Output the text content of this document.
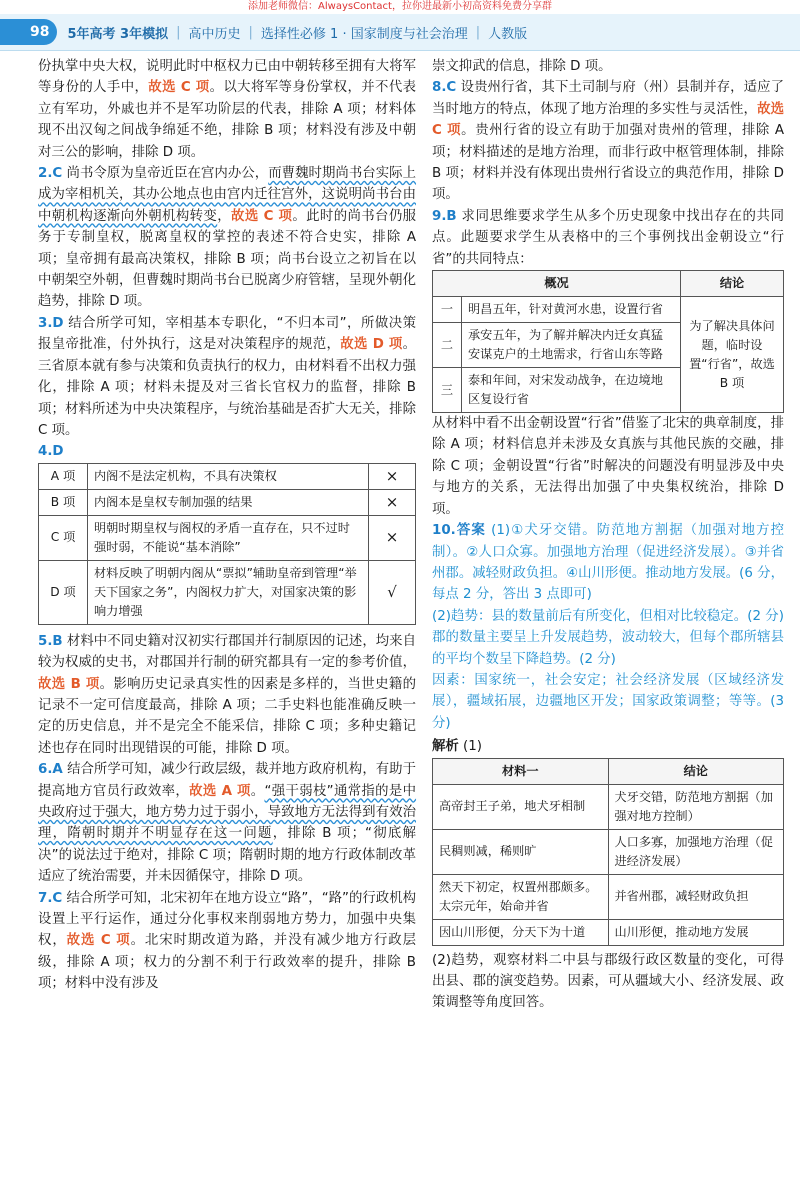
添加老师微信：AlwaysContact，拉你进最新小初高资料免费分享群
98	5年高考 3年模拟 | 高中历史 | 选择性必修 1 · 国家制度与社会治理 | 人教版

份执掌中央大权，说明此时中枢权力已由中朝转移至拥有大将军等身份的人手中，故选 C 项。以大将军等身份掌权，并不代表立有军功，外戚也并不是军功阶层的代表，排除 A 项；材料体现不出汉匈之间战争绵延不绝，排除 B 项；材料没有涉及中朝对三公的影响，排除 D 项。

2.C 尚书令原为皇帝近臣在宫内办公，而曹魏时期尚书台实际上成为宰相机关，其办公地点也由宫内迁往宫外，这说明尚书台由中朝机构逐渐向外朝机构转变，故选 C 项。此时的尚书台仍服务于专制皇权，脱离皇权的掌控的表述不符合史实，排除 A 项；皇帝拥有最高决策权，排除 B 项；尚书台设立之初旨在以中朝架空外朝，但曹魏时期尚书台已脱离少府管辖，呈现外朝化趋势，排除 D 项。

3.D 结合所学可知，宰相基本专职化，“不归本司”，所做决策报皇帝批准，付外执行，这是对决策程序的规范，故选 D 项。三省原本就有参与决策和负责执行的权力，由材料看不出权力强化，排除 A 项；材料未提及对三省长官权力的监督，排除 B 项；材料所述为中央决策程序，与统治基础是否扩大无关，排除 C 项。

4.D

A 项	内阁不是法定机构，不具有决策权	×
B 项	内阁本是皇权专制加强的结果	×
C 项	明朝时期皇权与阁权的矛盾一直存在，只不过时强时弱，不能说“基本消除”	×
D 项	材料反映了明朝内阁从“票拟”辅助皇帝到管理“举天下国家之务”，内阁权力扩大，对国家决策的影响力增强	√

5.B 材料中不同史籍对汉初实行郡国并行制原因的记述，均来自较为权威的史书，对郡国并行制的研究都具有一定的参考价值，故选 B 项。影响历史记录真实性的因素是多样的，当世史籍的记录不一定可信度最高，排除 A 项；二手史料也能准确反映一定的历史信息，并不是完全不能采信，排除 C 项；多种史籍记述也存在同时出现错误的可能，排除 D 项。

6.A 结合所学可知，减少行政层级，裁并地方政府机构，有助于提高地方官员行政效率，故选 A 项。“强干弱枝”通常指的是中央政府过于强大，地方势力过于弱小，导致地方无法得到有效治理，隋朝时期并不明显存在这一问题，排除 B 项；“彻底解决”的说法过于绝对，排除 C 项；隋朝时期的地方行政体制改革适应了统治需要，并未因循保守，排除 D 项。

7.C 结合所学可知，北宋初年在地方设立“路”，“路”的行政机构设置上平行运作，通过分化事权来削弱地方势力，加强中央集权，故选 C 项。北宋时期改道为路，并没有减少地方行政层级，排除 A 项；权力的分割不利于行政效率的提升，排除 B 项；材料中没有涉及

崇文抑武的信息，排除 D 项。

8.C 设贵州行省，其下土司制与府（州）县制并存，适应了当时地方的特点，体现了地方治理的多实性与灵活性，故选 C 项。贵州行省的设立有助于加强对贵州的管理，排除 A 项；材料描述的是地方治理，而非行政中枢管理体制，排除 B 项；材料并没有体现出贵州行省设立的典范作用，排除 D 项。

9.B 求同思维要求学生从多个历史现象中找出存在的共同点。此题要求学生从表格中的三个事例找出金朝设立“行省”的共同特点：

概况		结论
一	明昌五年，针对黄河水患，设置行省	为了解决具体问题，临时设置“行省”，故选 B 项
二	承安五年，为了解并解决内迁女真猛安谋克户的土地需求，行省山东等路	
三	泰和年间，对宋发动战争，在边境地区复设行省	

从材料中看不出金朝设置“行省”借鉴了北宋的典章制度，排除 A 项；材料信息并未涉及女真族与其他民族的交融，排除 C 项；金朝设置“行省”时解决的问题没有明显涉及中央与地方的关系，无法得出加强了中央集权统治，排除 D 项。

10.答案 (1)①犬牙交错。防范地方割据（加强对地方控制）。②人口众寡。加强地方治理（促进经济发展）。③并省州郡。减轻财政负担。④山川形便。推动地方发展。(6 分，每点 2 分，答出 3 点即可)

(2)趋势：县的数量前后有所变化，但相对比较稳定。(2 分)郡的数量主要呈上升发展趋势，波动较大，但每个郡所辖县的平均个数呈下降趋势。(2 分)

因素：国家统一，社会安定；社会经济发展（区域经济发展），疆域拓展，边疆地区开发；国家政策调整；等等。(3 分)

解析 (1)

材料一	结论
高帝封王子弟，地犬牙相制	犬牙交错，防范地方割据（加强对地方控制）
民稠则减，稀则旷	人口多寡，加强地方治理（促进经济发展）
然天下初定，权置州郡颇多。太宗元年，始命并省	并省州郡，减轻财政负担
因山川形便，分天下为十道	山川形便，推动地方发展

(2)趋势，观察材料二中县与郡级行政区数量的变化，可得出县、郡的演变趋势。因素，可从疆域大小、经济发展、政策调整等角度回答。
